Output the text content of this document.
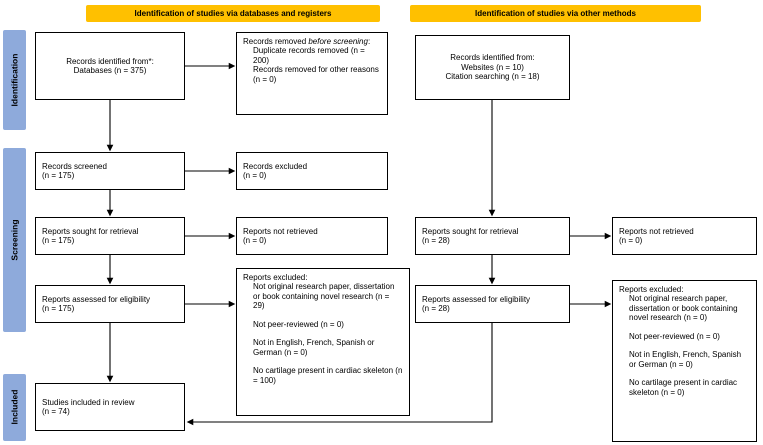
Identification of studies via databases and registers	Identification of studies via other methods
Identification
Screening
Included
Records identified from*:
Databases (n = 375)
Records screened
(n = 175)
Reports sought for retrieval
(n = 175)
Reports assessed for eligibility
(n = 175)
Studies included in review
(n = 74)
Records removed before screening:
Duplicate records removed (n = 200)
Records removed for other reasons (n = 0)
Records excluded
(n = 0)
Reports not retrieved
(n = 0)
Reports excluded:
Not original research paper, dissertation or book containing novel research (n = 29)
Not peer-reviewed (n = 0)
Not in English, French, Spanish or German (n = 0)
No cartilage present in cardiac skeleton (n = 100)
Records identified from:
Websites (n = 10)
Citation searching (n = 18)
Reports sought for retrieval
(n = 28)
Reports assessed for eligibility
(n = 28)
Reports not retrieved
(n = 0)
Reports excluded:
Not original research paper, dissertation or book containing novel research (n = 0)
Not peer-reviewed (n = 0)
Not in English, French, Spanish or German (n = 0)
No cartilage present in cardiac skeleton (n = 0)
